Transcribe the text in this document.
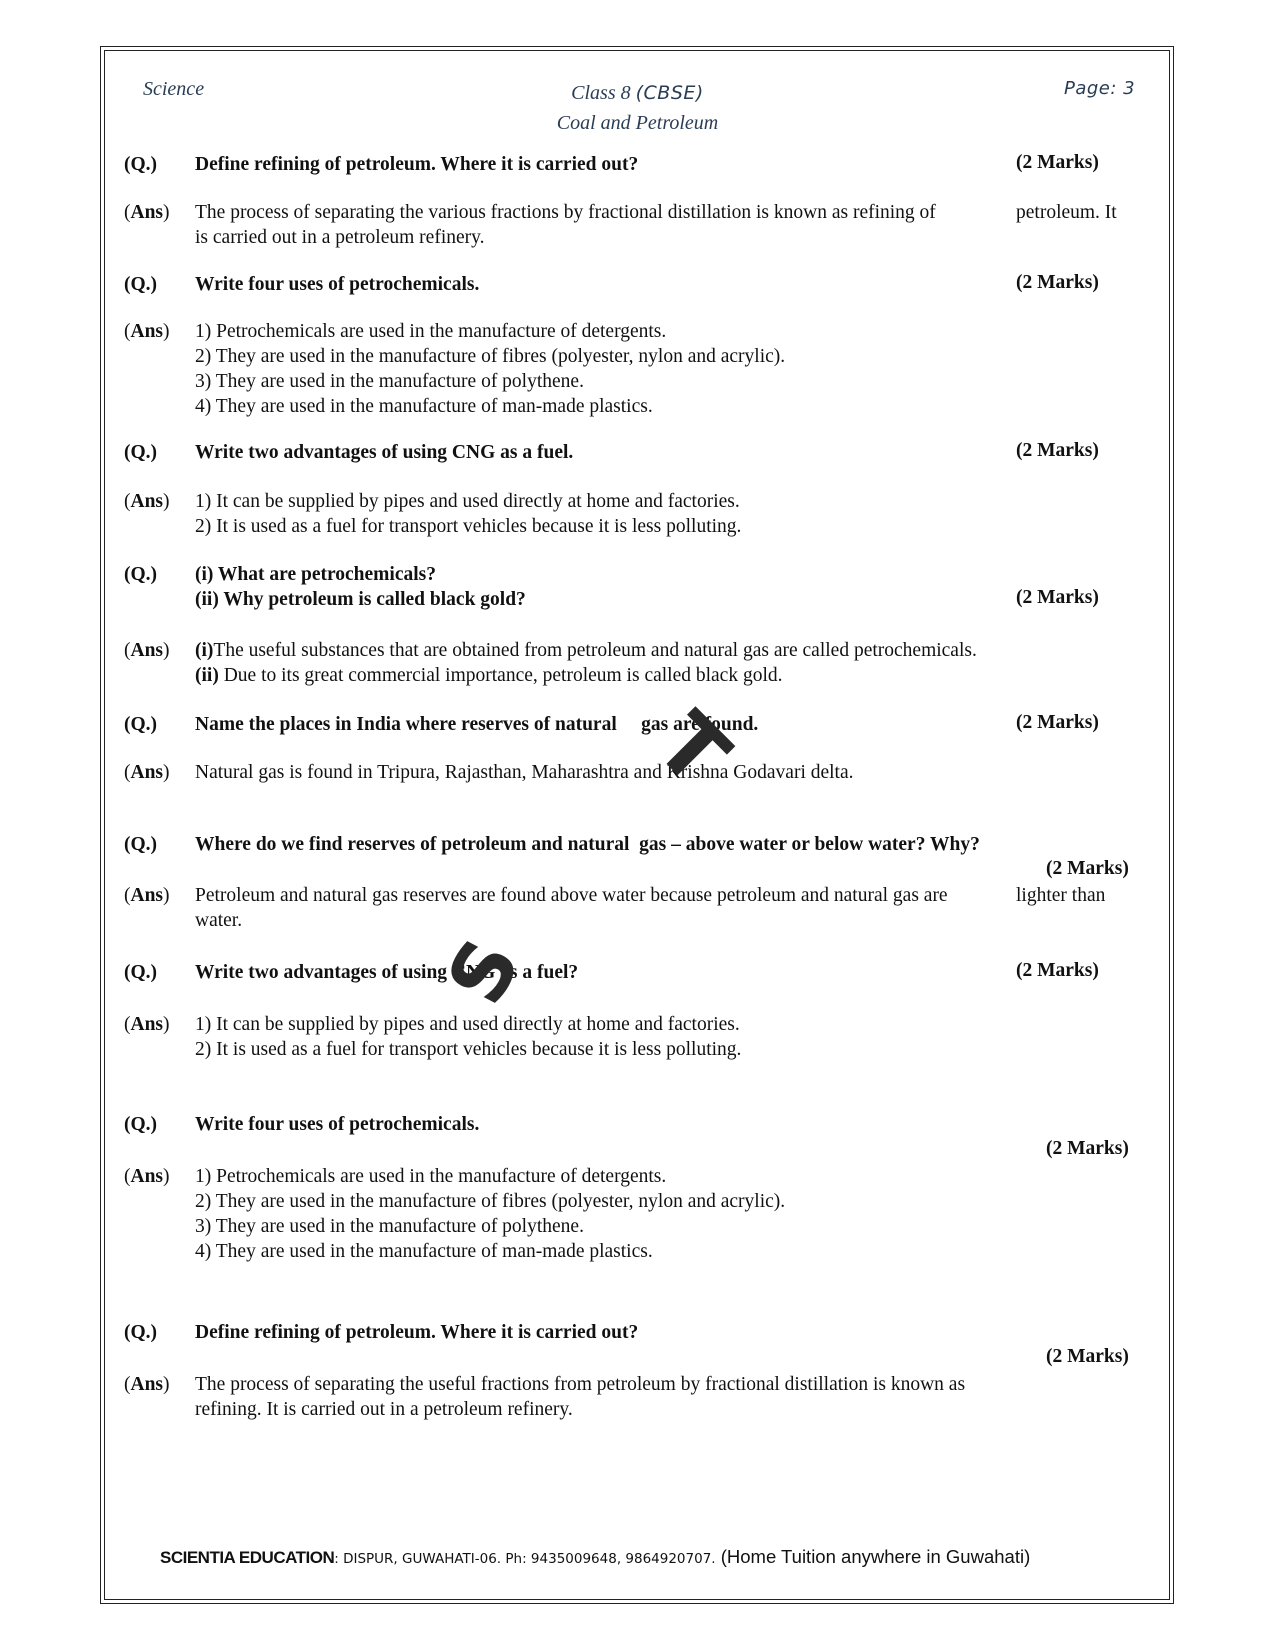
Science	Class 8 (CBSE)
Coal and Petroleum
Page: 3
(Q.) Define refining of petroleum. Where it is carried out?	(2 Marks)
(Ans) The process of separating the various fractions by fractional distillation is known as refining of
is carried out in a petroleum refinery.
petroleum. It
(Q.) Write four uses of petrochemicals.	(2 Marks)
(Ans) 1) Petrochemicals are used in the manufacture of detergents.
2) They are used in the manufacture of fibres (polyester, nylon and acrylic).
3) They are used in the manufacture of polythene.
4) They are used in the manufacture of man-made plastics.
(Q.) Write two advantages of using CNG as a fuel.	(2 Marks)
(Ans) 1) It can be supplied by pipes and used directly at home and factories.
2) It is used as a fuel for transport vehicles because it is less polluting.
(Q.) (i) What are petrochemicals?
(ii) Why petroleum is called black gold?	(2 Marks)
(Ans) (i)The useful substances that are obtained from petroleum and natural gas are called petrochemicals.
(ii) Due to its great commercial importance, petroleum is called black gold.
(Q.) Name the places in India where reserves of natural     gas are found.	(2 Marks)
(Ans) Natural gas is found in Tripura, Rajasthan, Maharashtra and Krishna Godavari delta.
(Q.) Where do we find reserves of petroleum and natural  gas – above water or below water? Why?
(2 Marks)
(Ans) Petroleum and natural gas reserves are found above water because petroleum and natural gas are
water.
lighter than
(Q.) Write two advantages of using CNG as a fuel?	(2 Marks)
(Ans) 1) It can be supplied by pipes and used directly at home and factories.
2) It is used as a fuel for transport vehicles because it is less polluting.
(Q.) Write four uses of petrochemicals.
(2 Marks)
(Ans) 1) Petrochemicals are used in the manufacture of detergents.
2) They are used in the manufacture of fibres (polyester, nylon and acrylic).
3) They are used in the manufacture of polythene.
4) They are used in the manufacture of man-made plastics.
(Q.) Define refining of petroleum. Where it is carried out?
(2 Marks)
(Ans) The process of separating the useful fractions from petroleum by fractional distillation is known as
refining. It is carried out in a petroleum refinery.
T
S
SCIENTIA EDUCATION: DISPUR, GUWAHATI-06. Ph: 9435009648, 9864920707. (Home Tuition anywhere in Guwahati)
